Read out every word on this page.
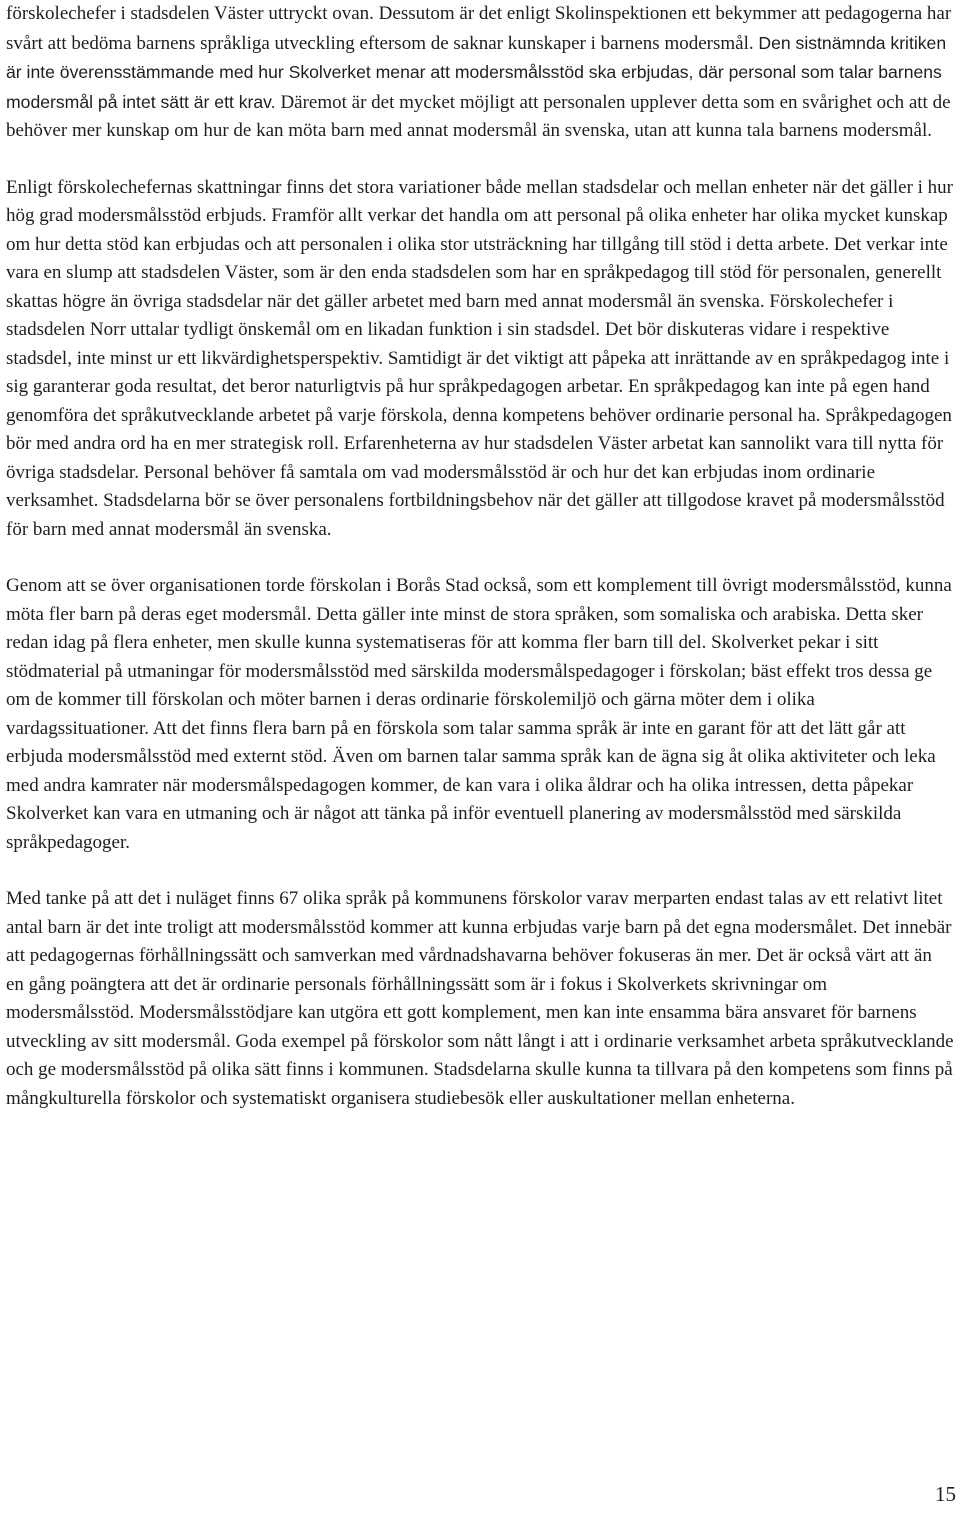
förskolechefer i stadsdelen Väster uttryckt ovan. Dessutom är det enligt Skolinspektionen ett bekymmer att pedagogerna har svårt att bedöma barnens språkliga utveckling eftersom de saknar kunskaper i barnens modersmål. Den sistnämnda kritiken är inte överensstämmande med hur Skolverket menar att modersmålsstöd ska erbjudas, där personal som talar barnens modersmål på intet sätt är ett krav. Däremot är det mycket möjligt att personalen upplever detta som en svårighet och att de behöver mer kunskap om hur de kan möta barn med annat modersmål än svenska, utan att kunna tala barnens modersmål.
Enligt förskolechefernas skattningar finns det stora variationer både mellan stadsdelar och mellan enheter när det gäller i hur hög grad modersmålsstöd erbjuds. Framför allt verkar det handla om att personal på olika enheter har olika mycket kunskap om hur detta stöd kan erbjudas och att personalen i olika stor utsträckning har tillgång till stöd i detta arbete. Det verkar inte vara en slump att stadsdelen Väster, som är den enda stadsdelen som har en språkpedagog till stöd för personalen, generellt skattas högre än övriga stadsdelar när det gäller arbetet med barn med annat modersmål än svenska. Förskolechefer i stadsdelen Norr uttalar tydligt önskemål om en likadan funktion i sin stadsdel. Det bör diskuteras vidare i respektive stadsdel, inte minst ur ett likvärdighetsperspektiv. Samtidigt är det viktigt att påpeka att inrättande av en språkpedagog inte i sig garanterar goda resultat, det beror naturligtvis på hur språkpedagogen arbetar. En språkpedagog kan inte på egen hand genomföra det språkutvecklande arbetet på varje förskola, denna kompetens behöver ordinarie personal ha. Språkpedagogen bör med andra ord ha en mer strategisk roll. Erfarenheterna av hur stadsdelen Väster arbetat kan sannolikt vara till nytta för övriga stadsdelar. Personal behöver få samtala om vad modersmålsstöd är och hur det kan erbjudas inom ordinarie verksamhet. Stadsdelarna bör se över personalens fortbildningsbehov när det gäller att tillgodose kravet på modersmålsstöd för barn med annat modersmål än svenska.
Genom att se över organisationen torde förskolan i Borås Stad också, som ett komplement till övrigt modersmålsstöd, kunna möta fler barn på deras eget modersmål. Detta gäller inte minst de stora språken, som somaliska och arabiska. Detta sker redan idag på flera enheter, men skulle kunna systematiseras för att komma fler barn till del. Skolverket pekar i sitt stödmaterial på utmaningar för modersmålsstöd med särskilda modersmålspedagoger i förskolan; bäst effekt tros dessa ge om de kommer till förskolan och möter barnen i deras ordinarie förskolemiljö och gärna möter dem i olika vardagssituationer. Att det finns flera barn på en förskola som talar samma språk är inte en garant för att det lätt går att erbjuda modersmålsstöd med externt stöd. Även om barnen talar samma språk kan de ägna sig åt olika aktiviteter och leka med andra kamrater när modersmålspedagogen kommer, de kan vara i olika åldrar och ha olika intressen, detta påpekar Skolverket kan vara en utmaning och är något att tänka på inför eventuell planering av modersmålsstöd med särskilda språkpedagoger.
Med tanke på att det i nuläget finns 67 olika språk på kommunens förskolor varav merparten endast talas av ett relativt litet antal barn är det inte troligt att modersmålsstöd kommer att kunna erbjudas varje barn på det egna modersmålet. Det innebär att pedagogernas förhållningssätt och samverkan med vårdnadshavarna behöver fokuseras än mer. Det är också värt att än en gång poängtera att det är ordinarie personals förhållningssätt som är i fokus i Skolverkets skrivningar om modersmålsstöd. Modersmålsstödjare kan utgöra ett gott komplement, men kan inte ensamma bära ansvaret för barnens utveckling av sitt modersmål. Goda exempel på förskolor som nått långt i att i ordinarie verksamhet arbeta språkutvecklande och ge modersmålsstöd på olika sätt finns i kommunen. Stadsdelarna skulle kunna ta tillvara på den kompetens som finns på mångkulturella förskolor och systematiskt organisera studiebesök eller auskultationer mellan enheterna.
15
